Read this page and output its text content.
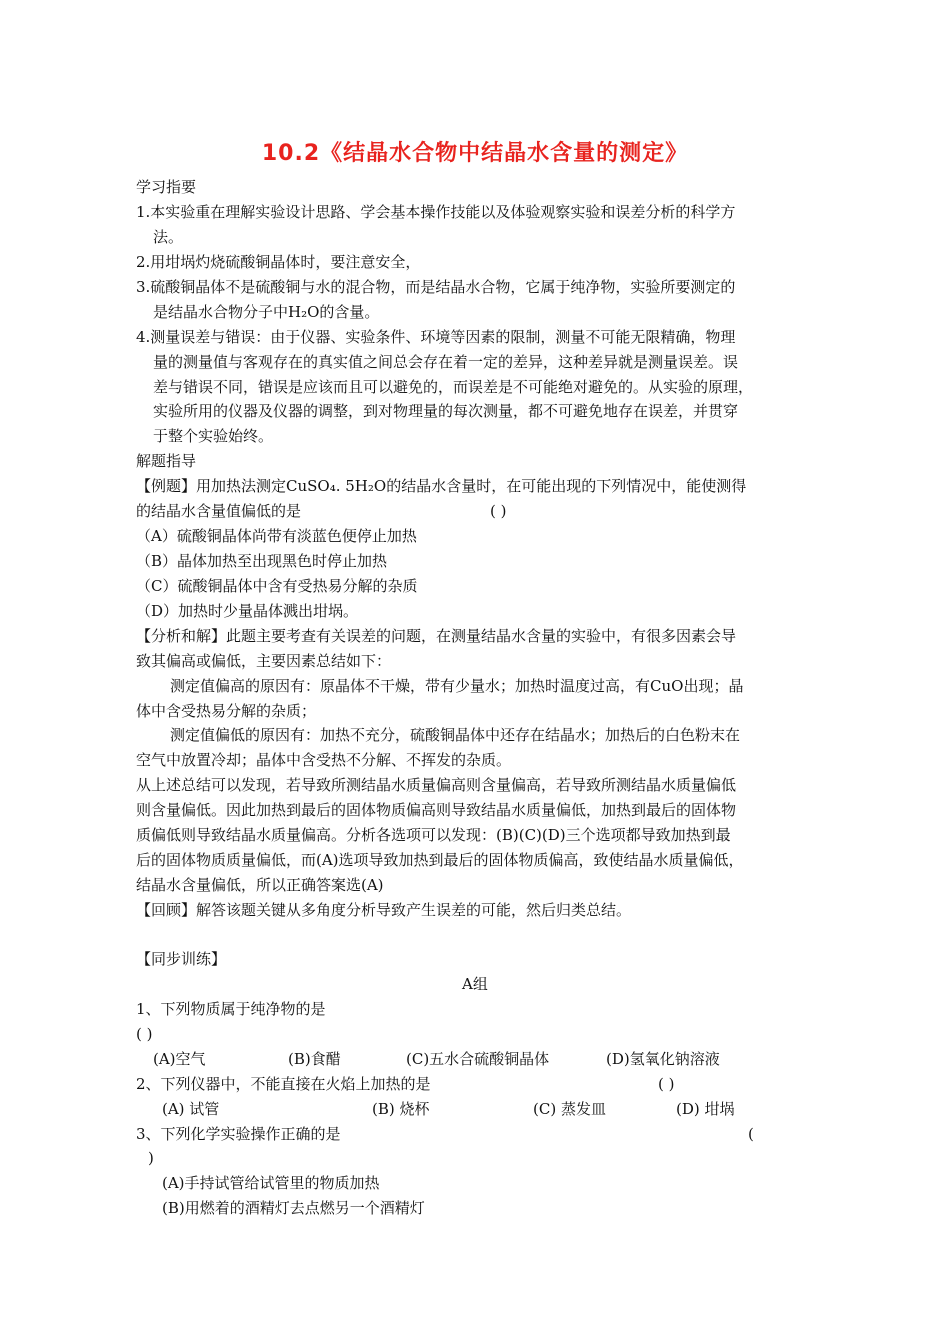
10.2《结晶水合物中结晶水含量的测定》
学习指要
1.本实验重在理解实验设计思路、学会基本操作技能以及体验观察实验和误差分析的科学方
法。
2.用坩埚灼烧硫酸铜晶体时，要注意安全，
3.硫酸铜晶体不是硫酸铜与水的混合物，而是结晶水合物，它属于纯净物，实验所要测定的
是结晶水合物分子中H₂O的含量。
4.测量误差与错误：由于仪器、实验条件、环境等因素的限制，测量不可能无限精确，物理
量的测量值与客观存在的真实值之间总会存在着一定的差异，这种差异就是测量误差。误
差与错误不同，错误是应该而且可以避免的，而误差是不可能绝对避免的。从实验的原理，
实验所用的仪器及仪器的调整，到对物理量的每次测量，都不可避免地存在误差，并贯穿
于整个实验始终。
解题指导
【例题】用加热法测定CuSO₄. 5H₂O的结晶水含量时，在可能出现的下列情况中，能使测得
的结晶水含量值偏低的是	( )
（A）硫酸铜晶体尚带有淡蓝色便停止加热
（B）晶体加热至出现黑色时停止加热
（C）硫酸铜晶体中含有受热易分解的杂质
（D）加热时少量晶体溅出坩埚。
【分析和解】此题主要考查有关误差的问题，在测量结晶水含量的实验中，有很多因素会导
致其偏高或偏低，主要因素总结如下：
测定值偏高的原因有：原晶体不干燥，带有少量水；加热时温度过高，有CuO出现；晶
体中含受热易分解的杂质；
测定值偏低的原因有：加热不充分，硫酸铜晶体中还存在结晶水；加热后的白色粉末在
空气中放置冷却；晶体中含受热不分解、不挥发的杂质。
从上述总结可以发现，若导致所测结晶水质量偏高则含量偏高，若导致所测结晶水质量偏低
则含量偏低。因此加热到最后的固体物质偏高则导致结晶水质量偏低，加热到最后的固体物
质偏低则导致结晶水质量偏高。分析各选项可以发现：(B)(C)(D)三个选项都导致加热到最
后的固体物质质量偏低，而(A)选项导致加热到最后的固体物质偏高，致使结晶水质量偏低，
结晶水含量偏低，所以正确答案选(A)
【回顾】解答该题关键从多角度分析导致产生误差的可能，然后归类总结。
【同步训练】
A组
1、下列物质属于纯净物的是
( )
(A)空气	(B)食醋	(C)五水合硫酸铜晶体	(D)氢氧化钠溶液
2、下列仪器中，不能直接在火焰上加热的是	( )
(A) 试管	(B) 烧杯	(C) 蒸发皿	(D) 坩埚
3、下列化学实验操作正确的是	(
)
(A)手持试管给试管里的物质加热
(B)用燃着的酒精灯去点燃另一个酒精灯
